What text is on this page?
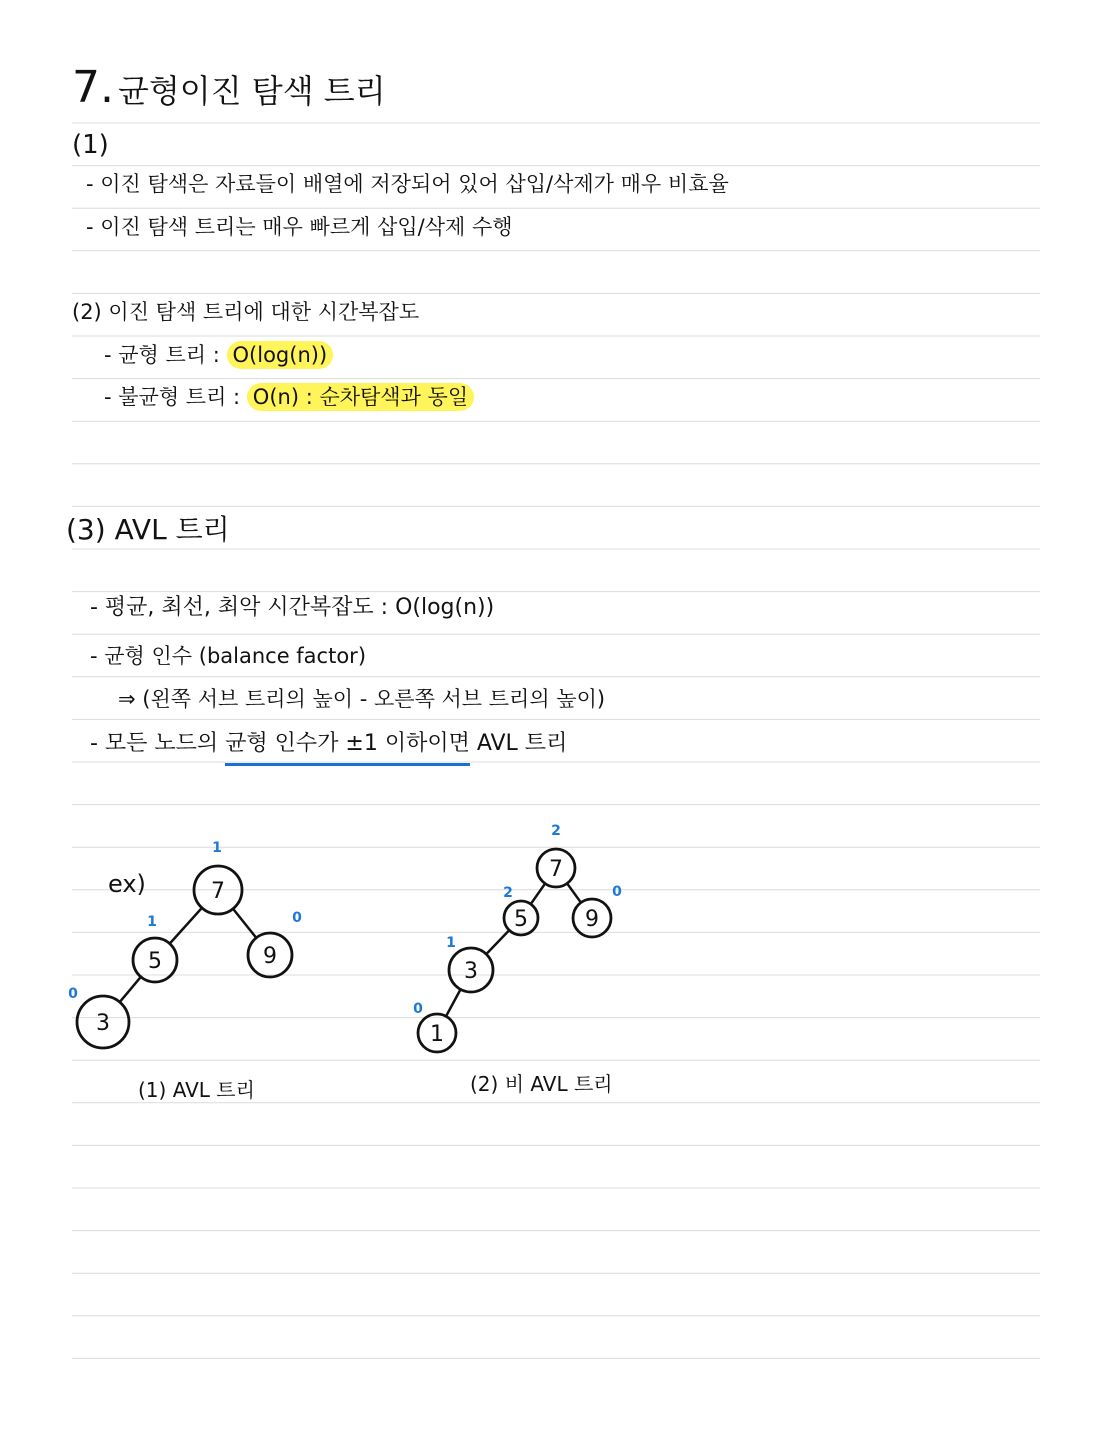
7. 균형이진 탐색 트리
(1)
- 이진 탐색은 자료들이 배열에 저장되어 있어 삽입/삭제가 매우 비효율
- 이진 탐색 트리는 매우 빠르게 삽입/삭제 수행
(2) 이진 탐색 트리에 대한 시간복잡도
- 균형 트리 : O(log(n))
- 불균형 트리 : O(n) : 순차탐색과 동일
(3) AVL 트리
- 평균, 최선, 최악 시간복잡도 : O(log(n))
- 균형 인수 (balance factor)
⇒ (왼쪽 서브 트리의 높이 - 오른쪽 서브 트리의 높이)
- 모든 노드의 균형 인수가 ±1 이하이면 AVL 트리
ex)	7
1
5
1
9
0
3
0
7
2
5
2
9
0
3
1
1
0
(1) AVL 트리	(2) 비 AVL 트리
